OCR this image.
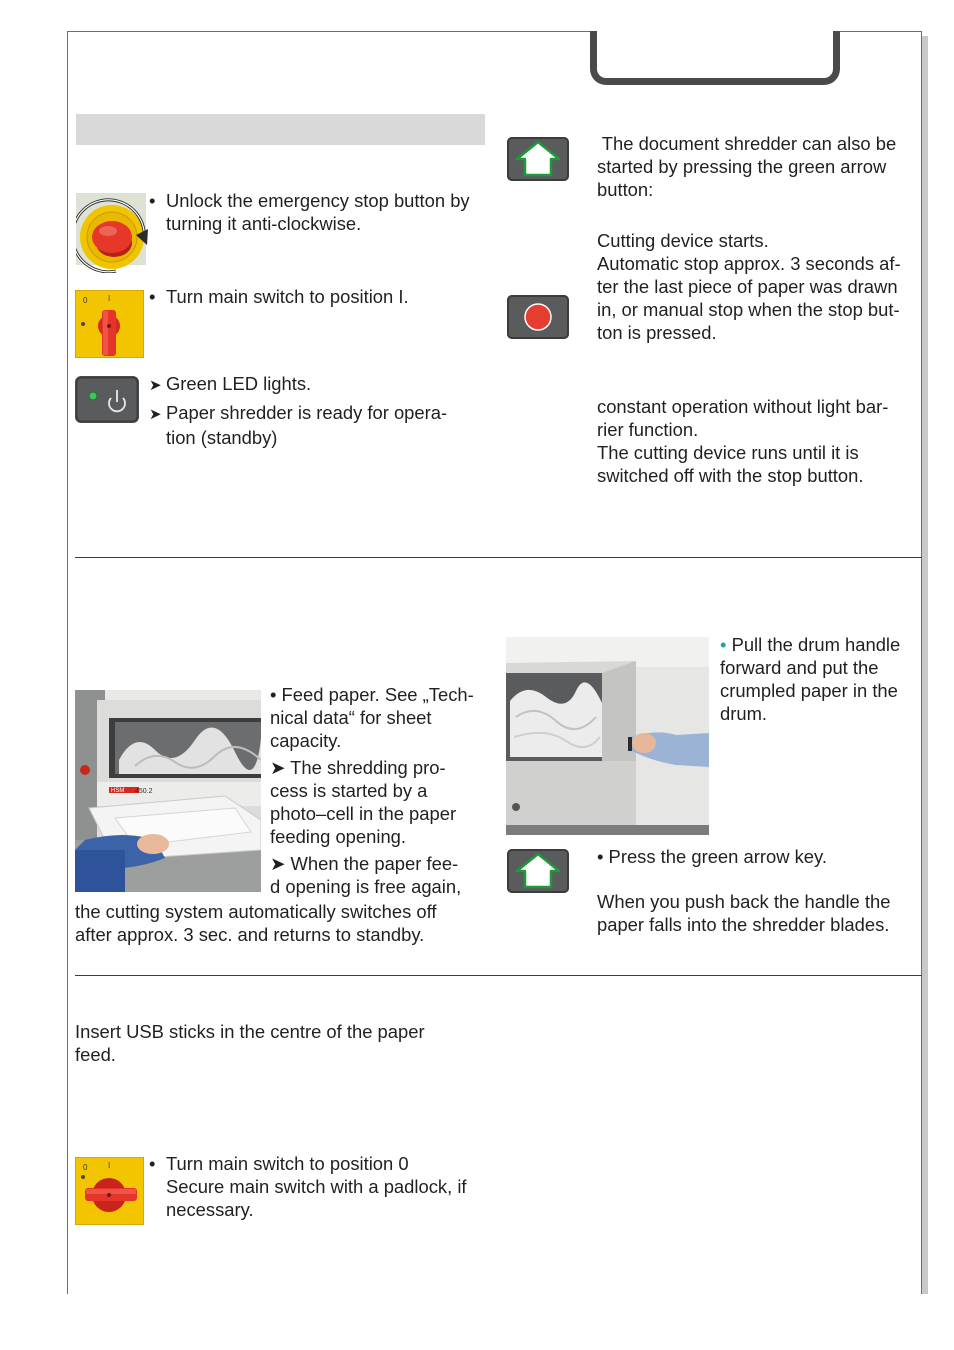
• Unlock the emergency stop button by
turning it anti-clockwise.
0	I • Turn main switch to position I.
➤ Green LED lights.
➤ Paper shredder is ready for opera-
tion (standby)
HSM 450.2
• Feed paper. See „Tech-
nical data“ for sheet
capacity.
➤ The shredding pro-
cess is started by a
photo–cell in the paper
feeding opening.
➤ When the paper fee-
d opening is free again,
the cutting system automatically switches off
after approx. 3 sec. and returns to standby.
Insert USB sticks in the centre of the paper
feed.
0	I • Turn main switch to position 0
Secure main switch with a padlock, if
necessary.
The document shredder can also be
started by pressing the green arrow
button:
Cutting device starts.
Automatic stop approx. 3 seconds af-
ter the last piece of paper was drawn
in, or manual stop when the stop but-
ton is pressed.
constant operation without light bar-
rier function.
The cutting device runs until it is
switched off with the stop button.
• Pull the drum handle
forward and put the
crumpled paper in the
drum.
• Press the green arrow key.
When you push back the handle the
paper falls into the shredder blades.
